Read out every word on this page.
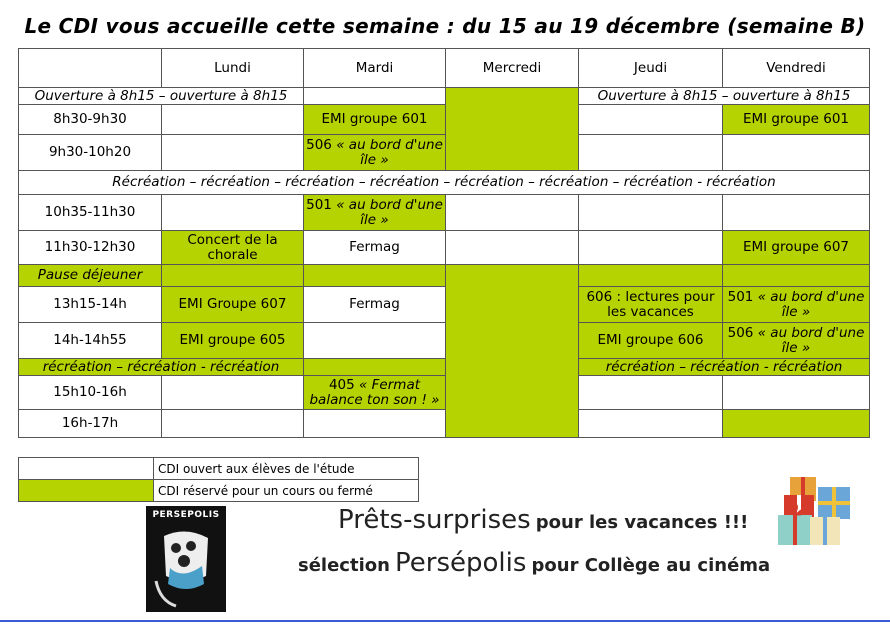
Le CDI vous accueille cette semaine : du 15 au 19 décembre (semaine B)
	Lundi	Mardi	Mercredi	Jeudi	Vendredi
Ouverture à 8h15 – ouverture à 8h15				Ouverture à 8h15 – ouverture à 8h15	
8h30-9h30		EMI groupe 601			EMI groupe 601
9h30-10h20		506 « au bord d'une île »			
Récréation – récréation – récréation – récréation – récréation – récréation – récréation - récréation					
10h35-11h30		501 « au bord d'une île »			
11h30-12h30	Concert de la chorale	Fermag			EMI groupe 607
Pause déjeuner					
13h15-14h	EMI Groupe 607	Fermag		606 : lectures pour les vacances	501 « au bord d'une île »
14h-14h55	EMI groupe 605			EMI groupe 606	506 « au bord d'une île »
récréation – récréation - récréation				récréation – récréation - récréation	
15h10-16h		405 « Fermat balance ton son ! »			
16h-17h					
	CDI ouvert aux élèves de l'étude
	CDI réservé pour un cours ou fermé
PERSEPOLIS	Prêts-surprises pour les vacances !!!
sélection Persépolis pour Collège au cinéma
